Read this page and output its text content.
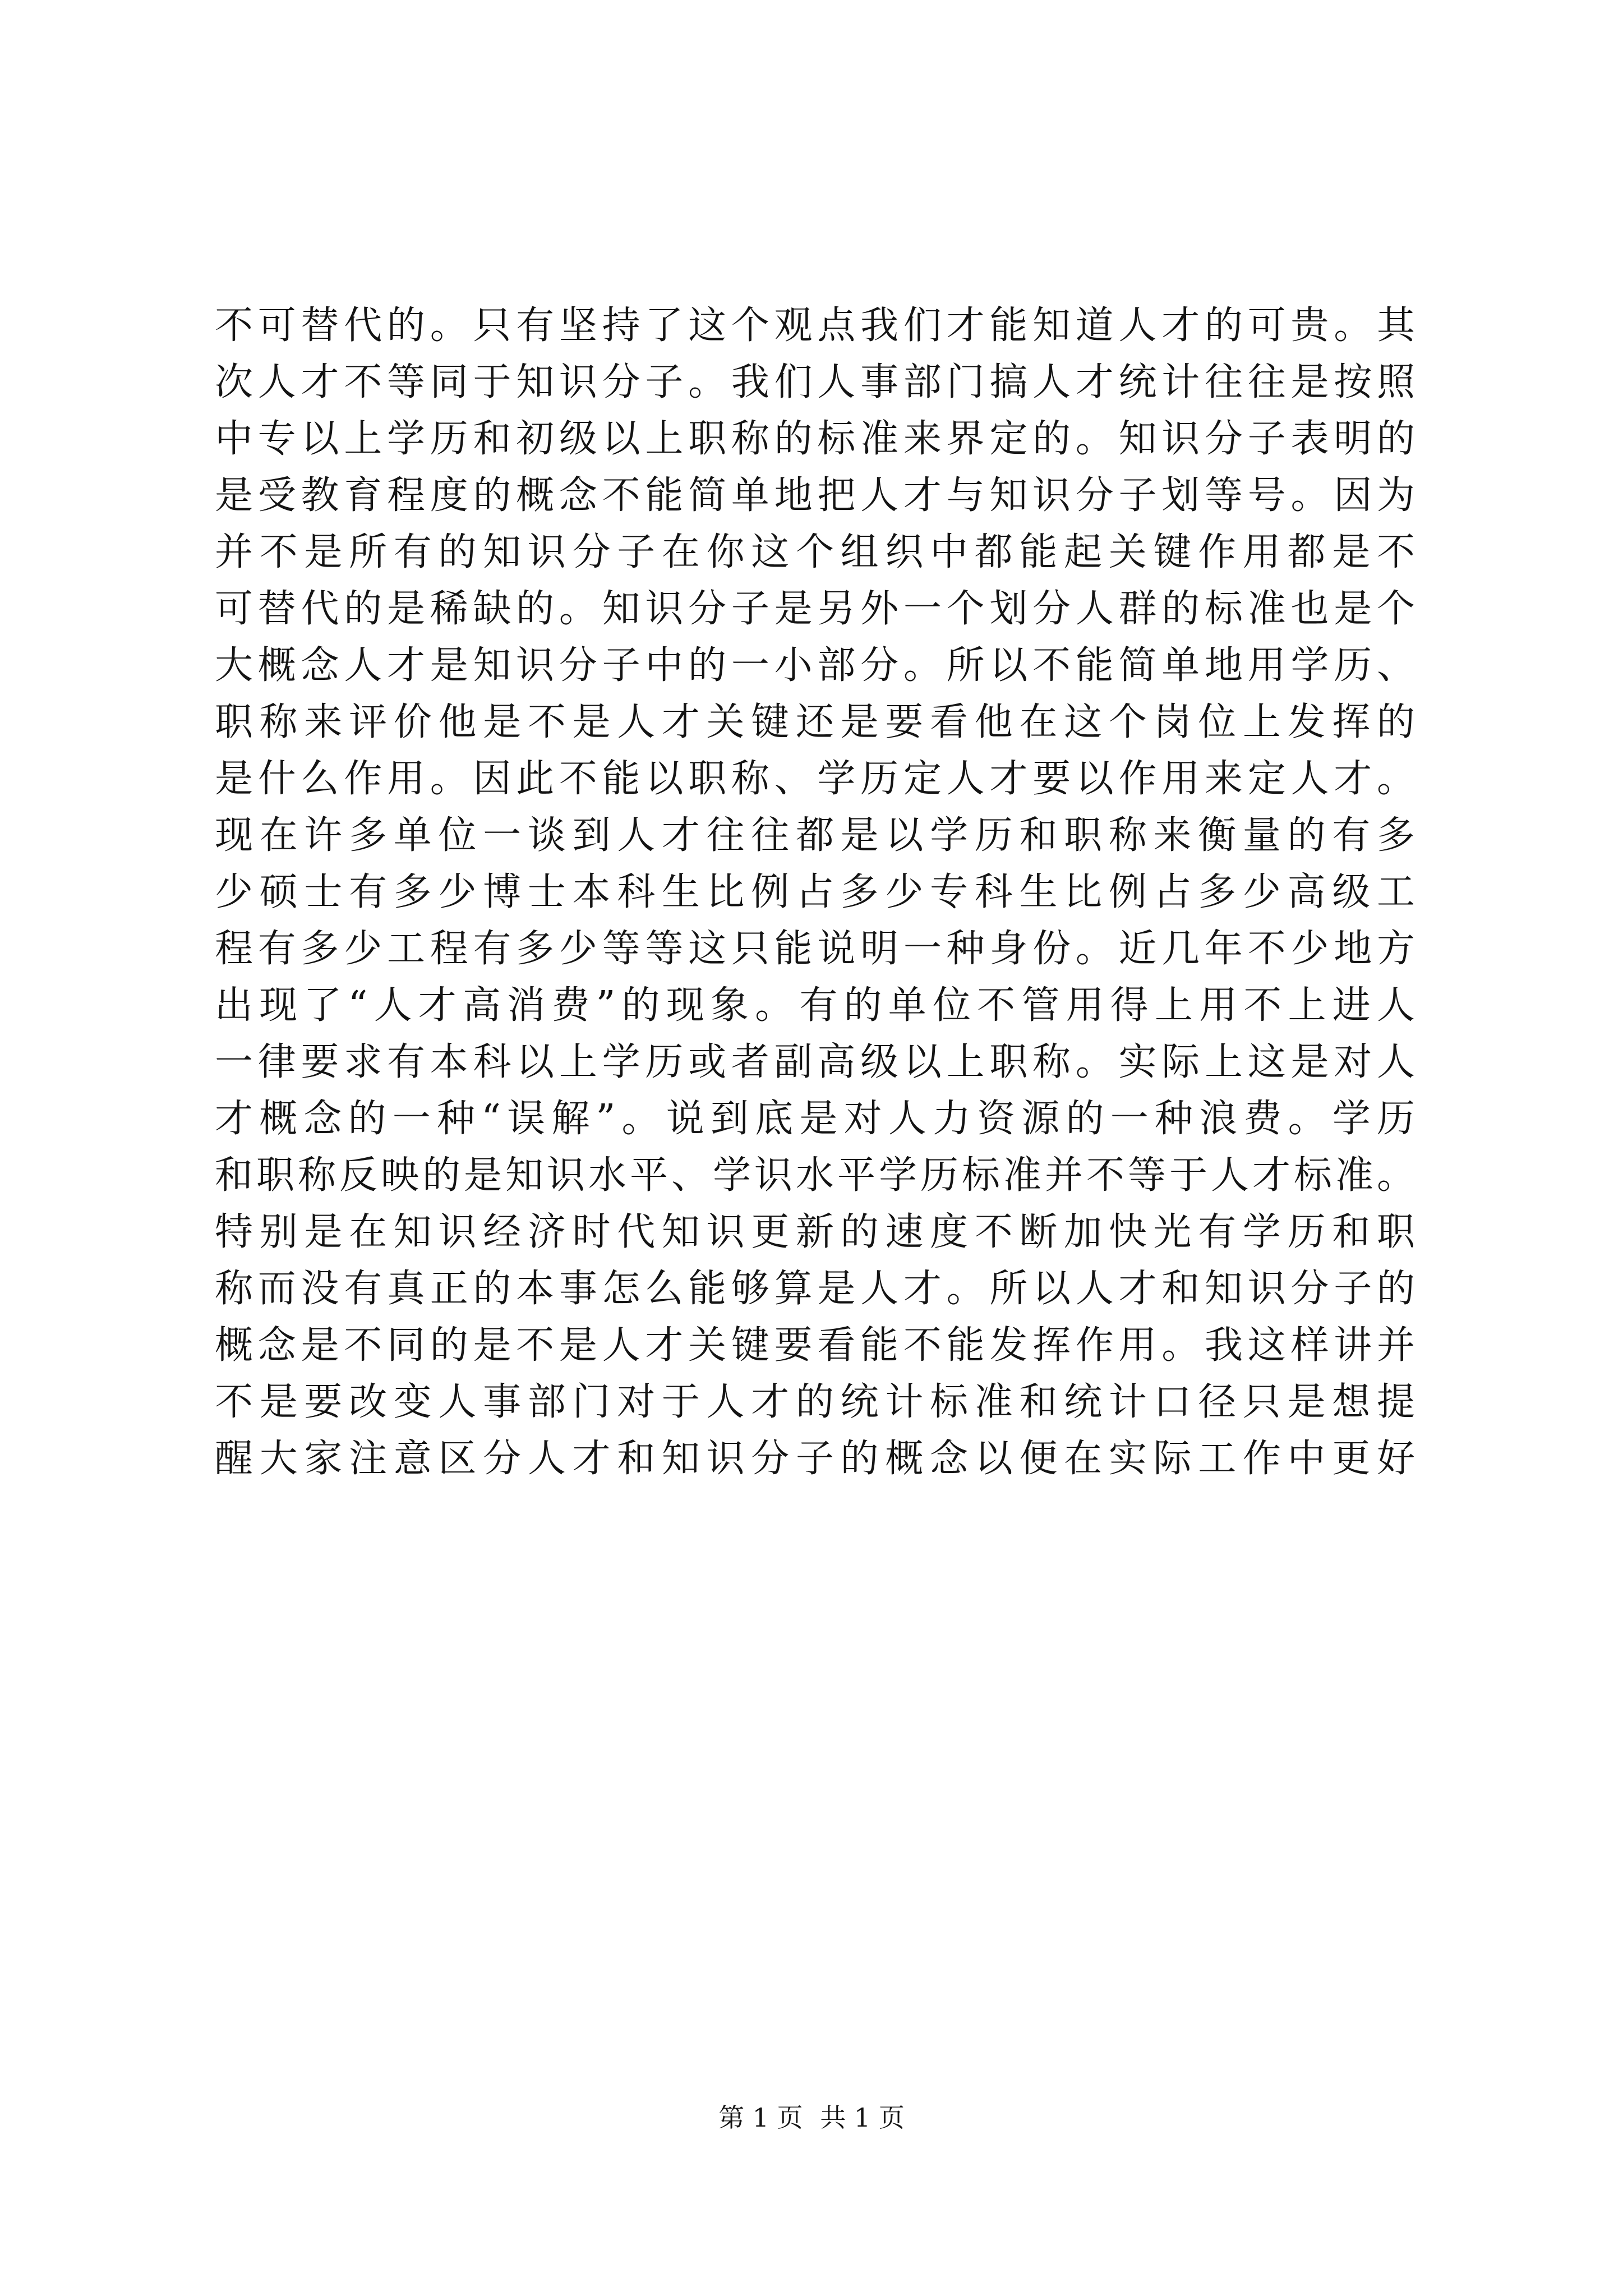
不可替代的。只有坚持了这个观点我们才能知道人才的可贵。其
次人才不等同于知识分子。我们人事部门搞人才统计往往是按照
中专以上学历和初级以上职称的标准来界定的。知识分子表明的
是受教育程度的概念不能简单地把人才与知识分子划等号。因为
并不是所有的知识分子在你这个组织中都能起关键作用都是不
可替代的是稀缺的。知识分子是另外一个划分人群的标准也是个
大概念人才是知识分子中的一小部分。所以不能简单地用学历、
职称来评价他是不是人才关键还是要看他在这个岗位上发挥的
是什么作用。因此不能以职称、学历定人才要以作用来定人才。
现在许多单位一谈到人才往往都是以学历和职称来衡量的有多
少硕士有多少博士本科生比例占多少专科生比例占多少高级工
程有多少工程有多少等等这只能说明一种身份。近几年不少地方
出现了“人才高消费”的现象。有的单位不管用得上用不上进人
一律要求有本科以上学历或者副高级以上职称。实际上这是对人
才概念的一种“误解”。说到底是对人力资源的一种浪费。学历
和职称反映的是知识水平、学识水平学历标准并不等于人才标准。
特别是在知识经济时代知识更新的速度不断加快光有学历和职
称而没有真正的本事怎么能够算是人才。所以人才和知识分子的
概念是不同的是不是人才关键要看能不能发挥作用。我这样讲并
不是要改变人事部门对于人才的统计标准和统计口径只是想提
醒大家注意区分人才和知识分子的概念以便在实际工作中更好
第 1 页 共 1 页
